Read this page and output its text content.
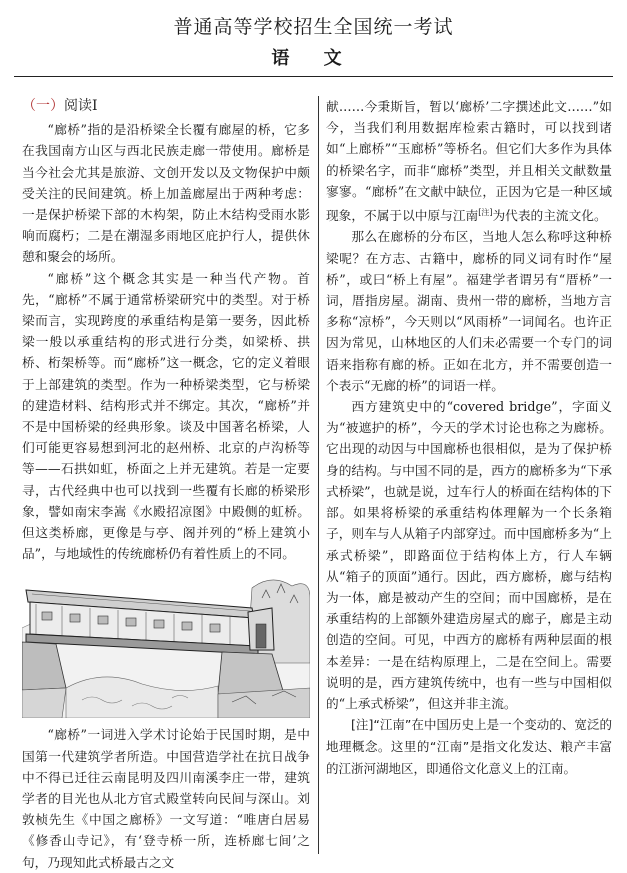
普通高等学校招生全国统一考试
语 文
（一）阅读Ⅰ

“廊桥”指的是沿桥梁全长覆有廊屋的桥，它多在我国南方山区与西北民族走廊一带使用。廊桥是当今社会尤其是旅游、文创开发以及文物保护中颇受关注的民间建筑。桥上加盖廊屋出于两种考虑：一是保护桥梁下部的木构架，防止木结构受雨水影响而腐朽；二是在潮湿多雨地区庇护行人，提供休憩和聚会的场所。

“廊桥”这个概念其实是一种当代产物。首先，“廊桥”不属于通常桥梁研究中的类型。对于桥梁而言，实现跨度的承重结构是第一要务，因此桥梁一般以承重结构的形式进行分类，如梁桥、拱桥、桁架桥等。而“廊桥”这一概念，它的定义着眼于上部建筑的类型。作为一种桥梁类型，它与桥梁的建造材料、结构形式并不绑定。其次，“廊桥”并不是中国桥梁的经典形象。谈及中国著名桥梁，人们可能更容易想到河北的赵州桥、北京的卢沟桥等等——石拱如虹，桥面之上并无建筑。若是一定要寻，古代经典中也可以找到一些覆有长廊的桥梁形象，譬如南宋李嵩《水殿招凉图》中殿侧的虹桥。但这类桥廊，更像是与亭、阁并列的“桥上建筑小品”，与地域性的传统廊桥仍有着性质上的不同。

“廊桥”一词进入学术讨论始于民国时期，是中国第一代建筑学者所造。中国营造学社在抗日战争中不得已迁往云南昆明及四川南溪李庄一带，建筑学者的目光也从北方官式殿堂转向民间与深山。刘敦桢先生《中国之廊桥》一文写道：“唯唐白居易《修香山寺记》，有‘登寺桥一所，连桥廊七间’之句，乃现知此式桥最古之文

献……今秉斯旨，暂以‘廊桥’二字撰述此文……”如今，当我们利用数据库检索古籍时，可以找到诸如“上廊桥”“玉廊桥”等桥名。但它们大多作为具体的桥梁名字，而非“廊桥”类型，并且相关文献数量寥寥。“廊桥”在文献中缺位，正因为它是一种区域现象，不属于以中原与江南[注]为代表的主流文化。

那么在廊桥的分布区，当地人怎么称呼这种桥梁呢？在方志、古籍中，廊桥的同义词有时作“屋桥”，或曰“桥上有屋”。福建学者谓另有“厝桥”一词，厝指房屋。湖南、贵州一带的廊桥，当地方言多称“凉桥”，今天则以“风雨桥”一词闻名。也许正因为常见，山林地区的人们未必需要一个专门的词语来指称有廊的桥。正如在北方，并不需要创造一个表示“无廊的桥”的词语一样。

西方建筑史中的“covered bridge”，字面义为“被遮护的桥”，今天的学术讨论也称之为廊桥。它出现的动因与中国廊桥也很相似，是为了保护桥身的结构。与中国不同的是，西方的廊桥多为“下承式桥梁”，也就是说，过车行人的桥面在结构体的下部。如果将桥梁的承重结构体理解为一个长条箱子，则车与人从箱子内部穿过。而中国廊桥多为“上承式桥梁”，即路面位于结构体上方，行人车辆从“箱子的顶面”通行。因此，西方廊桥，廊与结构为一体，廊是被动产生的空间；而中国廊桥，是在承重结构的上部额外建造房屋式的廊子，廊是主动创造的空间。可见，中西方的廊桥有两种层面的根本差异：一是在结构原理上，二是在空间上。需要说明的是，西方建筑传统中，也有一些与中国相似的“上承式桥梁”，但这并非主流。

[注]“江南”在中国历史上是一个变动的、宽泛的地理概念。这里的“江南”是指文化发达、粮产丰富的江浙河湖地区，即通俗文化意义上的江南。
